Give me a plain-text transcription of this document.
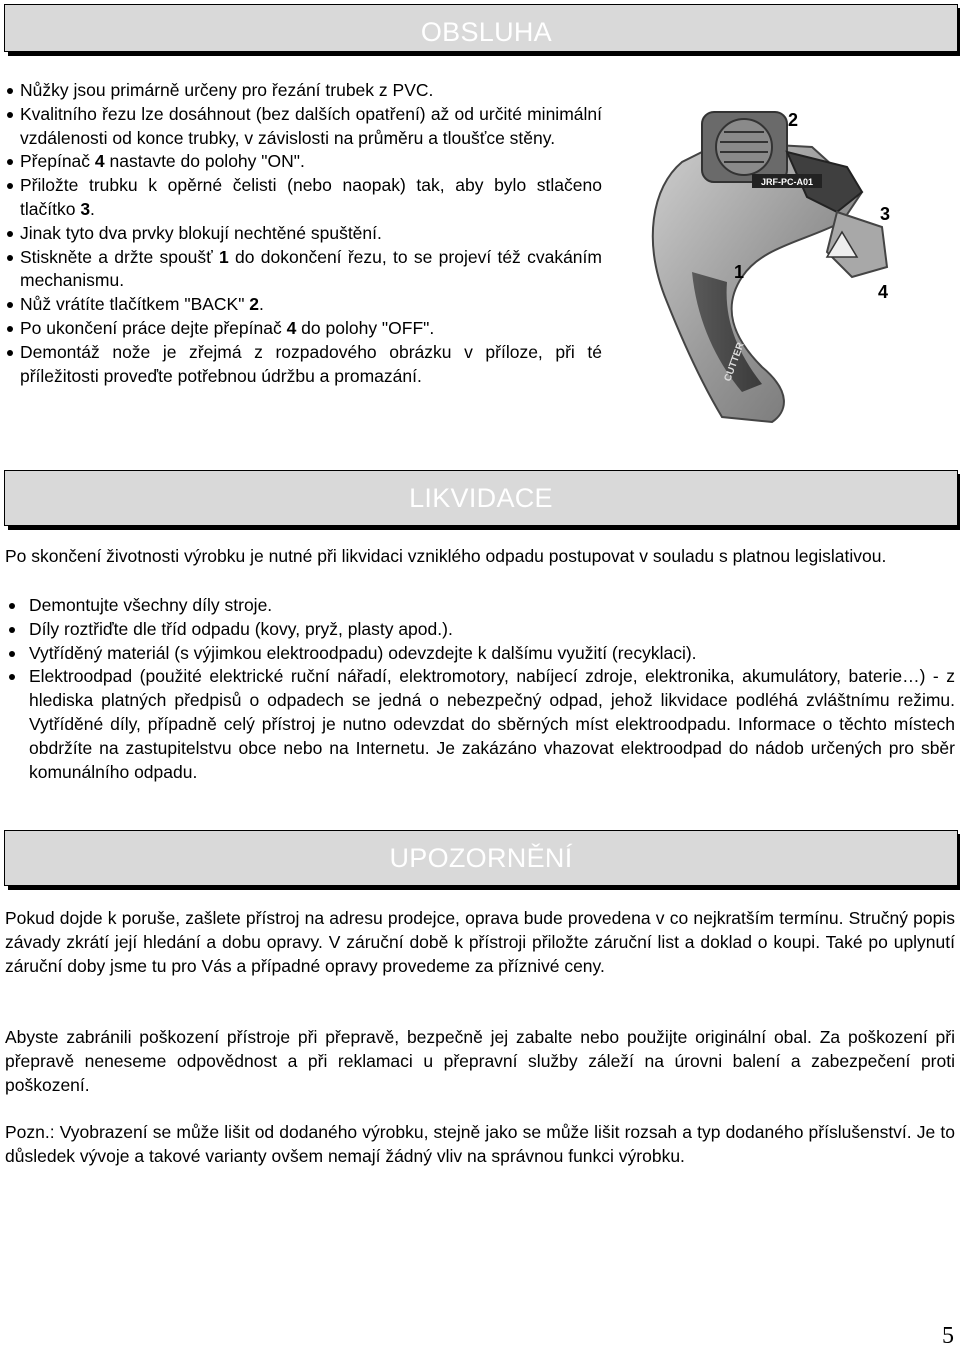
OBSLUHA
Nůžky jsou primárně určeny pro řezání trubek z PVC.
Kvalitního řezu lze dosáhnout (bez dalších opatření) až od určité minimální vzdálenosti od konce trubky, v závislosti na průměru a tloušťce stěny.
Přepínač 4 nastavte do polohy "ON".
Přiložte trubku k opěrné čelisti (nebo naopak) tak, aby bylo stlačeno tlačítko 3.
Jinak tyto dva prvky blokují nechtěné spuštění.
Stiskněte a držte spoušť 1 do dokončení řezu, to se projeví též cvakáním mechanismu.
Nůž vrátíte tlačítkem "BACK" 2.
Po ukončení práce dejte přepínač 4 do polohy "OFF".
Demontáž nože je zřejmá z rozpadového obrázku v příloze, při té příležitosti proveďte potřebnou údržbu a promazání.
JRF-PC-A01
CUTTER
2
3
1
4
LIKVIDACE

Po skončení životnosti výrobku je nutné při likvidaci vzniklého odpadu postupovat v souladu s platnou legislativou.

Demontujte všechny díly stroje.
Díly roztřiďte dle tříd odpadu (kovy, pryž, plasty apod.).
Vytříděný materiál (s výjimkou elektroodpadu) odevzdejte k dalšímu využití (recyklaci).
Elektroodpad (použité elektrické ruční nářadí, elektromotory, nabíjecí zdroje, elektronika, akumulátory, baterie…) - z hlediska platných předpisů o odpadech se jedná o nebezpečný odpad, jehož likvidace podléhá zvláštnímu režimu. Vytříděné díly, případně celý přístroj je nutno odevzdat do sběrných míst elektroodpadu. Informace o těchto místech obdržíte na zastupitelstvu obce nebo na Internetu. Je zakázáno vhazovat elektroodpad do nádob určených pro sběr komunálního odpadu.
UPOZORNĚNÍ

Pokud dojde k poruše, zašlete přístroj na adresu prodejce, oprava bude provedena v co nejkratším termínu. Stručný popis závady zkrátí její hledání a dobu opravy. V záruční době k přístroji přiložte záruční list a doklad o koupi. Také po uplynutí záruční doby jsme tu pro Vás a případné opravy provedeme za příznivé ceny.

Abyste zabránili poškození přístroje při přepravě, bezpečně jej zabalte nebo použijte originální obal. Za poškození při přepravě neneseme odpovědnost a při reklamaci u přepravní služby záleží na úrovni balení a zabezpečení proti poškození.

Pozn.: Vyobrazení se může lišit od dodaného výrobku, stejně jako se může lišit rozsah a typ dodaného příslušenství. Je to důsledek vývoje a takové varianty ovšem nemají žádný vliv na správnou funkci výrobku.

5
